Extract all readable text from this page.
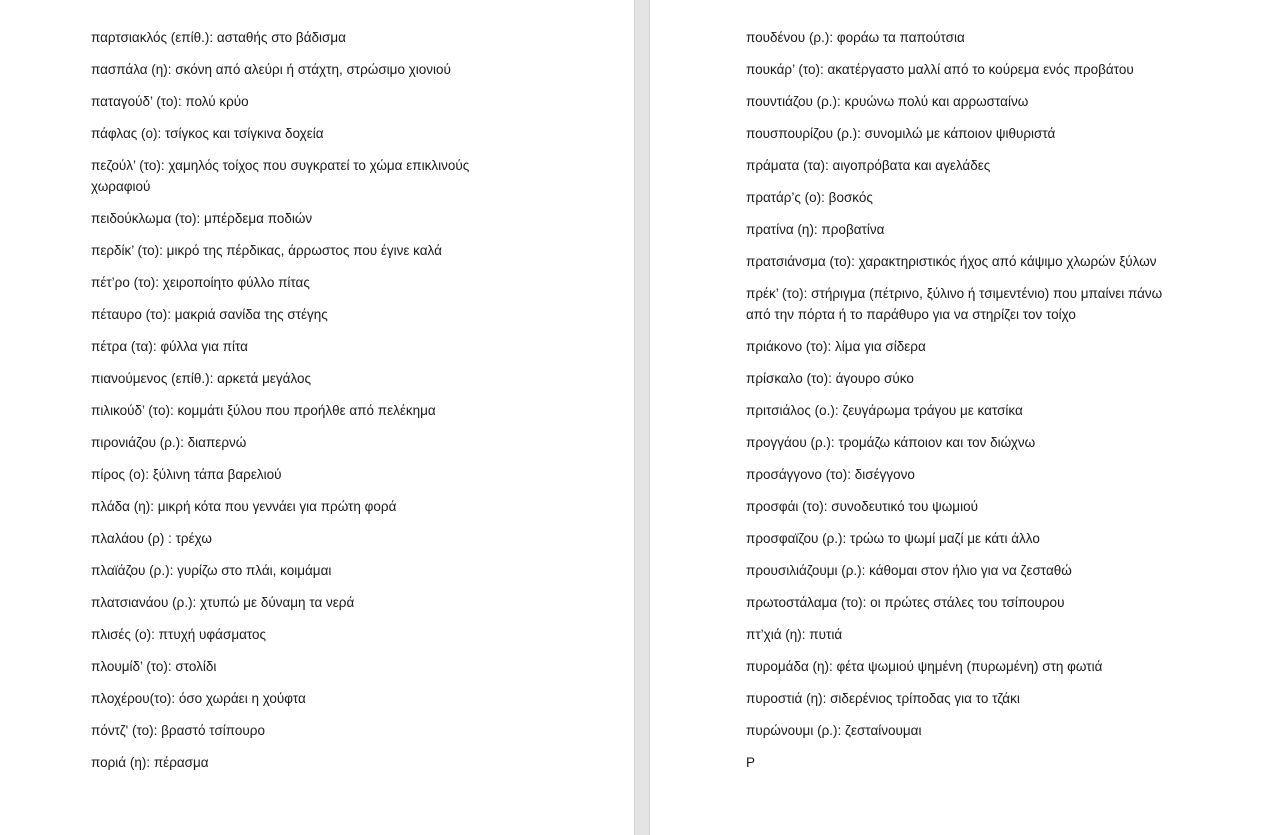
παρτσιακλός (επίθ.): ασταθής στο βάδισμα

πασπάλα (η): σκόνη από αλεύρι ή στάχτη, στρώσιμο χιονιού

παταγούδ’ (το): πολύ κρύο

πάφλας (ο): τσίγκος και τσίγκινα δοχεία

πεζούλ’ (το): χαμηλός τοίχος που συγκρατεί το χώμα επικλινούς χωραφιού

πειδούκλωμα (το): μπέρδεμα ποδιών

περδίκ’ (το): μικρό της πέρδικας, άρρωστος που έγινε καλά

πέτ’ρο (το): χειροποίητο φύλλο πίτας

πέταυρο (το): μακριά σανίδα της στέγης

πέτρα (τα): φύλλα για πίτα

πιανούμενος (επίθ.): αρκετά μεγάλος

πιλικούδ’ (το): κομμάτι ξύλου που προήλθε από πελέκημα

πιρονιάζου (ρ.): διαπερνώ

πίρος (ο): ξύλινη τάπα βαρελιού

πλάδα (η): μικρή κότα που γεννάει για πρώτη φορά

πλαλάου (ρ) : τρέχω

πλαϊάζου (ρ.): γυρίζω στο πλάι, κοιμάμαι

πλατσιανάου (ρ.): χτυπώ με δύναμη τα νερά

πλισές (ο): πτυχή υφάσματος

πλουμίδ’ (το): στολίδι

πλοχέρου(το): όσο χωράει η χούφτα

πόντζ' (το): βραστό τσίπουρο

ποριά (η): πέρασμα

πουδένου (ρ.): φοράω τα παπούτσια

πουκάρ’ (το): ακατέργαστο μαλλί από το κούρεμα ενός προβάτου

πουντιάζου (ρ.): κρυώνω πολύ και αρρωσταίνω

πουσπουρίζου (ρ.): συνομιλώ με κάποιον ψιθυριστά

πράματα (τα): αιγοπρόβατα και αγελάδες

πρατάρ’ς (ο): βοσκός

πρατίνα (η): προβατίνα

πρατσιάνσμα (το): χαρακτηριστικός ήχος από κάψιμο χλωρών ξύλων

πρέκ’ (το): στήριγμα (πέτρινο, ξύλινο ή τσιμεντένιο) που μπαίνει πάνω από την πόρτα ή το παράθυρο για να στηρίζει τον τοίχο

πριάκονο (το): λίμα για σίδερα

πρίσκαλο (το): άγουρο σύκο

πριτσιάλος (ο.): ζευγάρωμα τράγου με κατσίκα

προγγάου (ρ.): τρομάζω κάποιον και τον διώχνω

προσάγγονο (το): δισέγγονο

προσφάι (το): συνοδευτικό του ψωμιού

προσφαϊζου (ρ.): τρώω το ψωμί μαζί με κάτι άλλο

προυσιλιάζουμι (ρ.): κάθομαι στον ήλιο για να ζεσταθώ

πρωτοστάλαμα (το): οι πρώτες στάλες του τσίπουρου

πτ’χιά (η): πυτιά

πυρομάδα (η): φέτα ψωμιού ψημένη (πυρωμένη) στη φωτιά

πυροστιά (η): σιδερένιος τρίποδας για το τζάκι

πυρώνουμι (ρ.): ζεσταίνουμαι

Ρ
